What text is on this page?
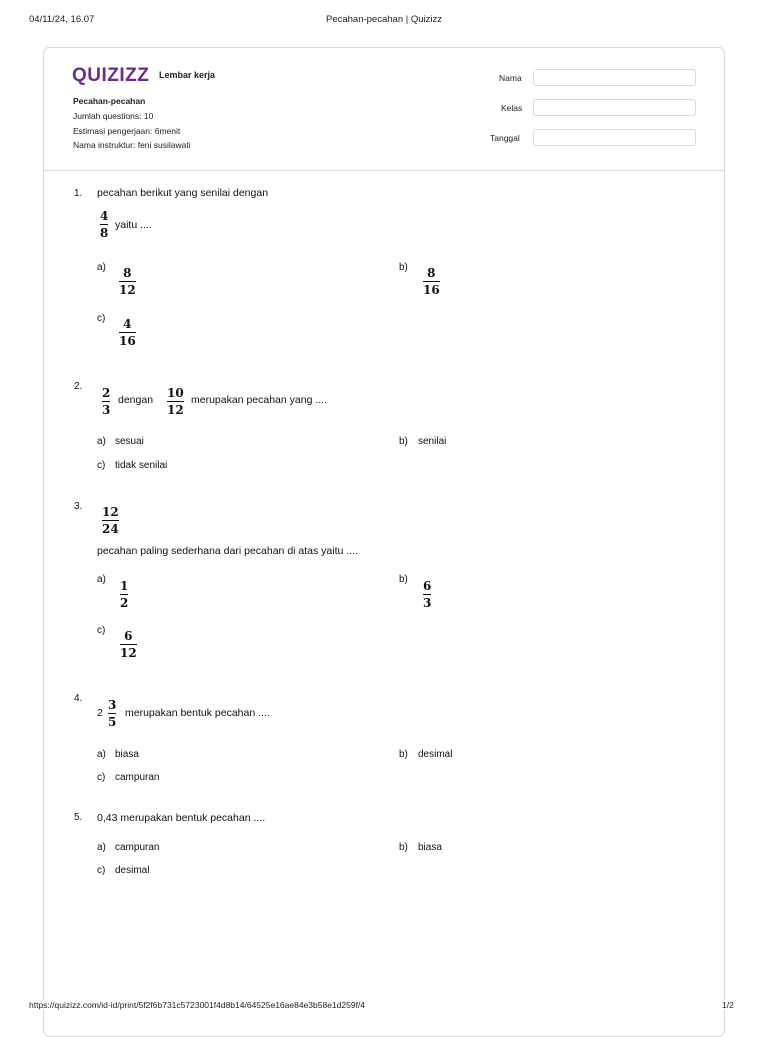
04/11/24, 16.07	Pecahan-pecahan | Quizizz
QUIZIZZ Lembar kerja
Pecahan-pecahan
Jumlah questions: 10
Estimasi pengerjaan: 6menit
Nama instruktur: feni susilawati
Nama
Kelas
Tanggal
1. pecahan berikut yang senilai dengan
4
8
yaitu ....
a) 8
12
b) 8
16
c) 4
16
2. 2
3
dengan 10
12
merupakan pecahan yang ....
a) sesuai	b) senilai
c) tidak senilai
3. 12
24
pecahan paling sederhana dari pecahan di atas yaitu ....
a) 1
2
b) 6
3
c) 6
12
4.
2
3
5
merupakan bentuk pecahan ....
a) biasa	b) desimal
c) campuran
5. 0,43 merupakan bentuk pecahan ....
a) campuran	b) biasa
c) desimal
https://quizizz.com/id-id/print/5f2f6b731c5723001f4d8b14/64525e16ae84e3b58e1d259f/4	1/2
